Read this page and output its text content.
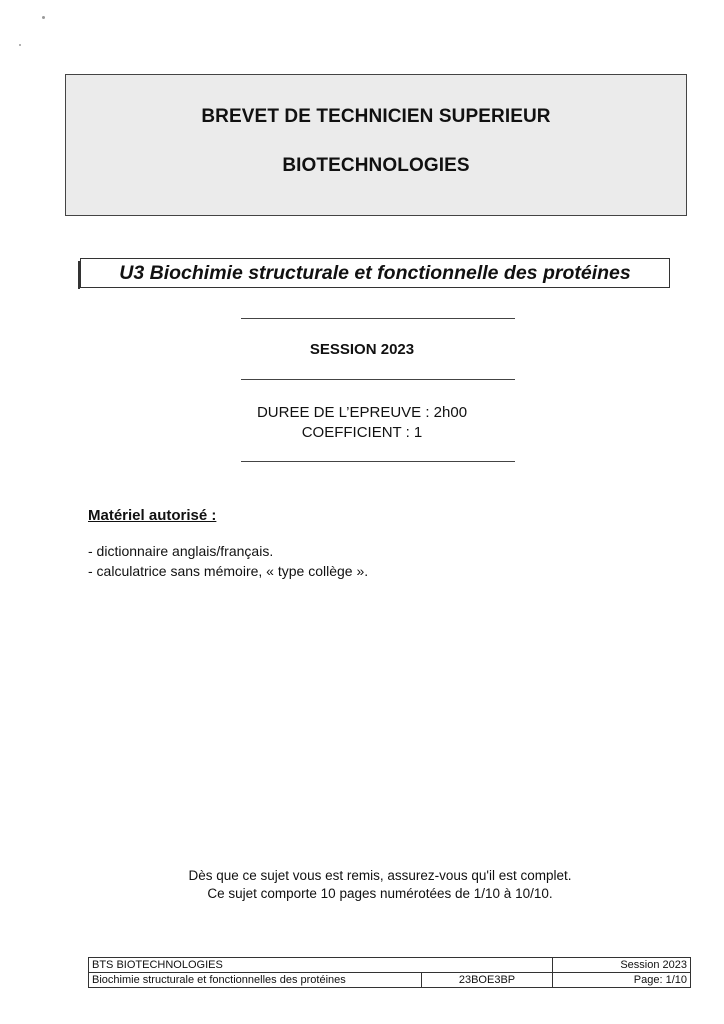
BREVET DE TECHNICIEN SUPERIEUR
BIOTECHNOLOGIES
U3 Biochimie structurale et fonctionnelle des protéines
SESSION 2023
DUREE DE L’EPREUVE : 2h00
COEFFICIENT : 1
Matériel autorisé :
- dictionnaire anglais/français.
- calculatrice sans mémoire, « type collège ».
Dès que ce sujet vous est remis, assurez-vous qu'il est complet.
Ce sujet comporte 10 pages numérotées de 1/10 à 10/10.
BTS BIOTECHNOLOGIES		Session 2023
Biochimie structurale et fonctionnelles des protéines	23BOE3BP	Page: 1/10
